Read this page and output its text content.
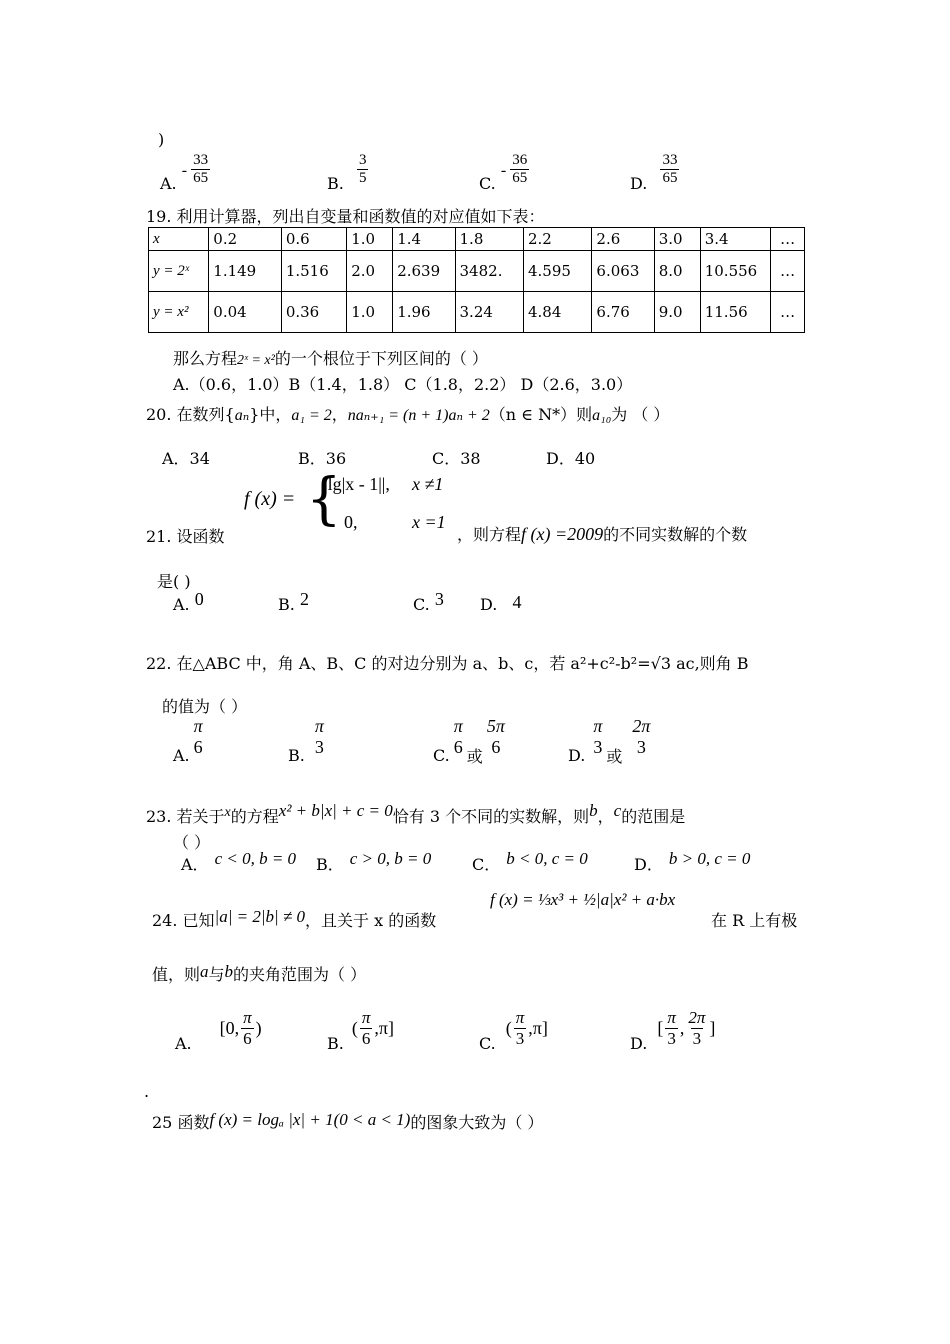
)
A. - $\frac{33}{65}$	B. $\frac{3}{5}$	C. - $\frac{36}{65}$	D. $\frac{33}{65}$
19. 利用计算器，列出自变量和函数值的对应值如下表：
x	0.2	0.6	1.0	1.4	1.8	2.2	2.6	3.0	3.4	…
y = 2ˣ	1.149	1.516	2.0	2.639	3482.	4.595	6.063	8.0	10.556	…
y = x²	0.04	0.36	1.0	1.96	3.24	4.84	6.76	9.0	11.56	…
那么方程2ˣ = x²的一个根位于下列区间的（ ）
A.（0.6，1.0）B（1.4，1.8） C（1.8，2.2） D（2.6，3.0）
20. 在数列{aₙ}中，a₁ = 2，naₙ₊₁ = (n + 1)aₙ + 2（n ∈ N*）则a₁₀为 （ ）
A．34	B．36	C．38	D．40
21. 设函数
f (x) = {
|lg|x - 1||, x ≠1
0,	x =1
，则方程f (x) =2009的不同实数解的个数
是( )
A. 0	B. 2	C. 3 D. 4
22. 在△ABC 中，角 A、B、C 的对边分别为 a、b、c，若 a²+c²-b²=√3 ac,则角 B
的值为（ ）
A.
π
6	B.
π
3	C.
π
6 或
5π
6	D.
π
3 或
2π
3
23. 若关于x的方程x² + b|x| + c = 0恰有 3 个不同的实数解，则b，c的范围是
（ ）
A． c < 0, b = 0 B． c > 0, b = 0	C． b < 0, c = 0	D． b > 0, c = 0
24. 已知|a| = 2|b| ≠ 0，且关于 x 的函数
f (x) = ⅓x³ + ½|a|x² + a·bx
在 R 上有极
值，则a与b的夹角范围为（ ）
A.[0, $\frac{\pi}{6}$ )
$B.( \frac{\pi}{6} ,\pi]$
$C.( \frac{\pi}{3} ,\pi]$
$D.[ \frac{\pi}{3}$ , $\frac{2\pi}{3}$ ]
.
25 函数f (x) = logₐ |x| + 1(0 < a < 1)的图象大致为（ ）
